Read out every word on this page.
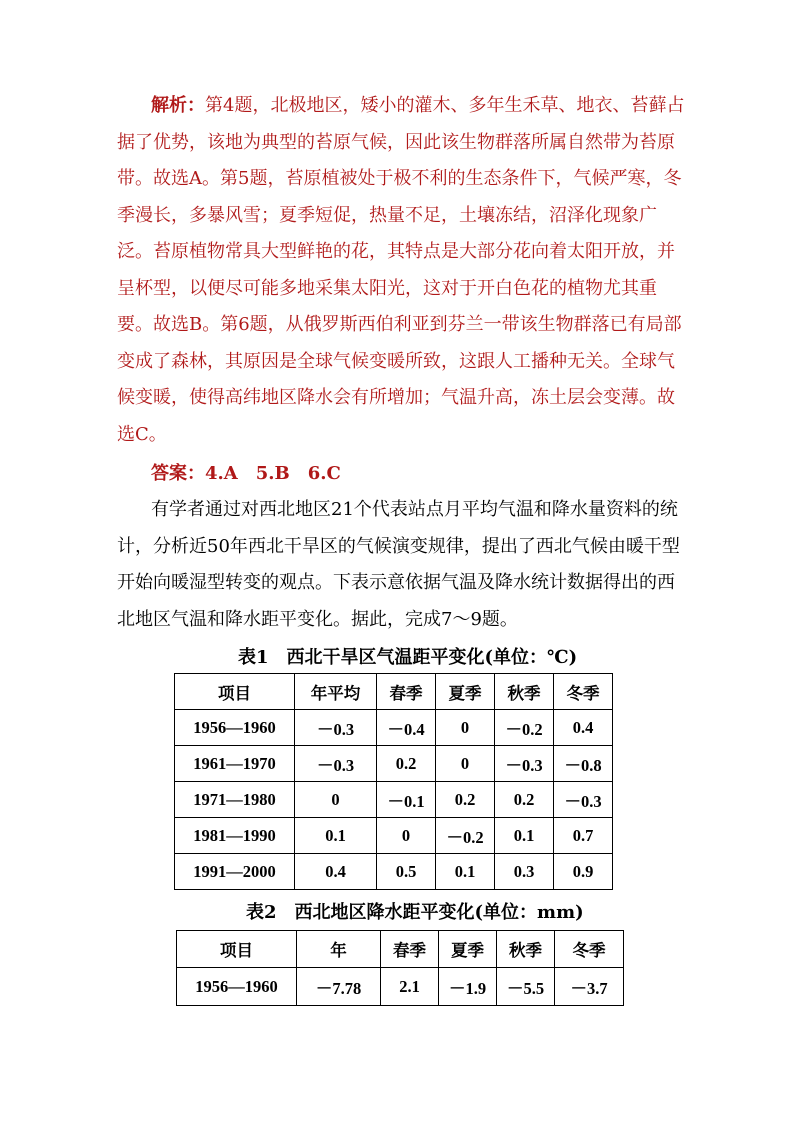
解析：第4题，北极地区，矮小的灌木、多年生禾草、地衣、苔藓占据了优势，该地为典型的苔原气候，因此该生物群落所属自然带为苔原带。故选A。第5题，苔原植被处于极不利的生态条件下，气候严寒，冬季漫长，多暴风雪；夏季短促，热量不足，土壤冻结，沼泽化现象广泛。苔原植物常具大型鲜艳的花，其特点是大部分花向着太阳开放，并呈杯型，以便尽可能多地采集太阳光，这对于开白色花的植物尤其重要。故选B。第6题，从俄罗斯西伯利亚到芬兰一带该生物群落已有局部变成了森林，其原因是全球气候变暖所致，这跟人工播种无关。全球气候变暖，使得高纬地区降水会有所增加；气温升高，冻土层会变薄。故选C。
答案：4.A　5.B　6.C
有学者通过对西北地区21个代表站点月平均气温和降水量资料的统计，分析近50年西北干旱区的气候演变规律，提出了西北气候由暖干型开始向暖湿型转变的观点。下表示意依据气温及降水统计数据得出的西北地区气温和降水距平变化。据此，完成7～9题。
表1　西北干旱区气温距平变化(单位：℃)
项目	年平均	春季	夏季	秋季	冬季
1956—1960	－0.3	－0.4	0	－0.2	0.4
1961—1970	－0.3	0.2	0	－0.3	－0.8
1971—1980	0	－0.1	0.2	0.2	－0.3
1981—1990	0.1	0	－0.2	0.1	0.7
1991—2000	0.4	0.5	0.1	0.3	0.9
表2　西北地区降水距平变化(单位：mm)
项目	年	春季	夏季	秋季	冬季
1956—1960	－7.78	2.1	－1.9	－5.5	－3.7
